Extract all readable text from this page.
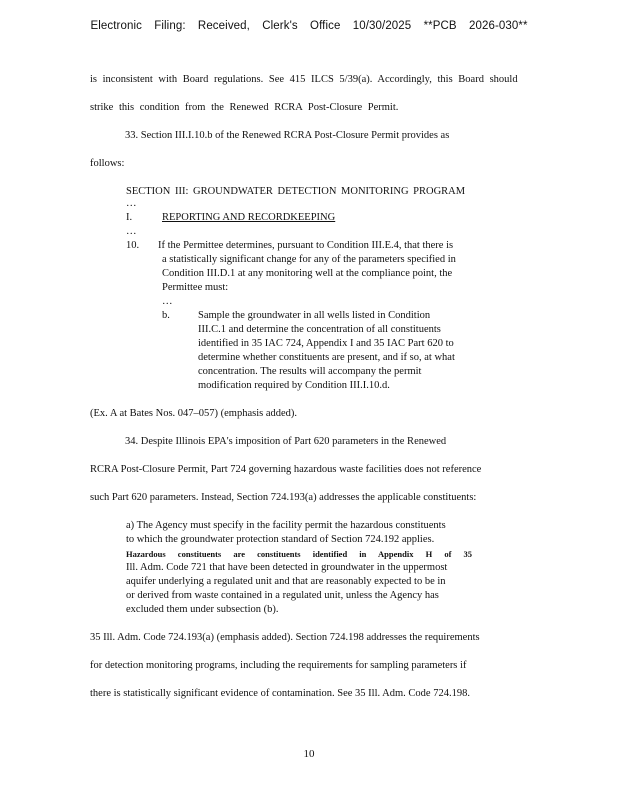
Electronic Filing: Received, Clerk's Office 10/30/2025 **PCB 2026-030**
is inconsistent with Board regulations. See 415 ILCS 5/39(a). Accordingly, this Board should
strike this condition from the Renewed RCRA Post-Closure Permit.
33. Section III.I.10.b of the Renewed RCRA Post-Closure Permit provides as
follows:
SECTION III: GROUNDWATER DETECTION MONITORING PROGRAM
…
I.	REPORTING AND RECORDKEEPING
…
10. If the Permittee determines, pursuant to Condition III.E.4, that there is
a statistically significant change for any of the parameters specified in
Condition III.D.1 at any monitoring well at the compliance point, the
Permittee must:
…
b.	Sample the groundwater in all wells listed in Condition
III.C.1 and determine the concentration of all constituents
identified in 35 IAC 724, Appendix I and 35 IAC Part 620 to
determine whether constituents are present, and if so, at what
concentration. The results will accompany the permit
modification required by Condition III.I.10.d.
(Ex. A at Bates Nos. 047–057) (emphasis added).
34. Despite Illinois EPA's imposition of Part 620 parameters in the Renewed
RCRA Post-Closure Permit, Part 724 governing hazardous waste facilities does not reference
such Part 620 parameters. Instead, Section 724.193(a) addresses the applicable constituents:
a) The Agency must specify in the facility permit the hazardous constituents
to which the groundwater protection standard of Section 724.192 applies.
Hazardous constituents are constituents identified in Appendix H of 35
Ill. Adm. Code 721 that have been detected in groundwater in the uppermost
aquifer underlying a regulated unit and that are reasonably expected to be in
or derived from waste contained in a regulated unit, unless the Agency has
excluded them under subsection (b).
35 Ill. Adm. Code 724.193(a) (emphasis added). Section 724.198 addresses the requirements
for detection monitoring programs, including the requirements for sampling parameters if
there is statistically significant evidence of contamination. See 35 Ill. Adm. Code 724.198.
10
